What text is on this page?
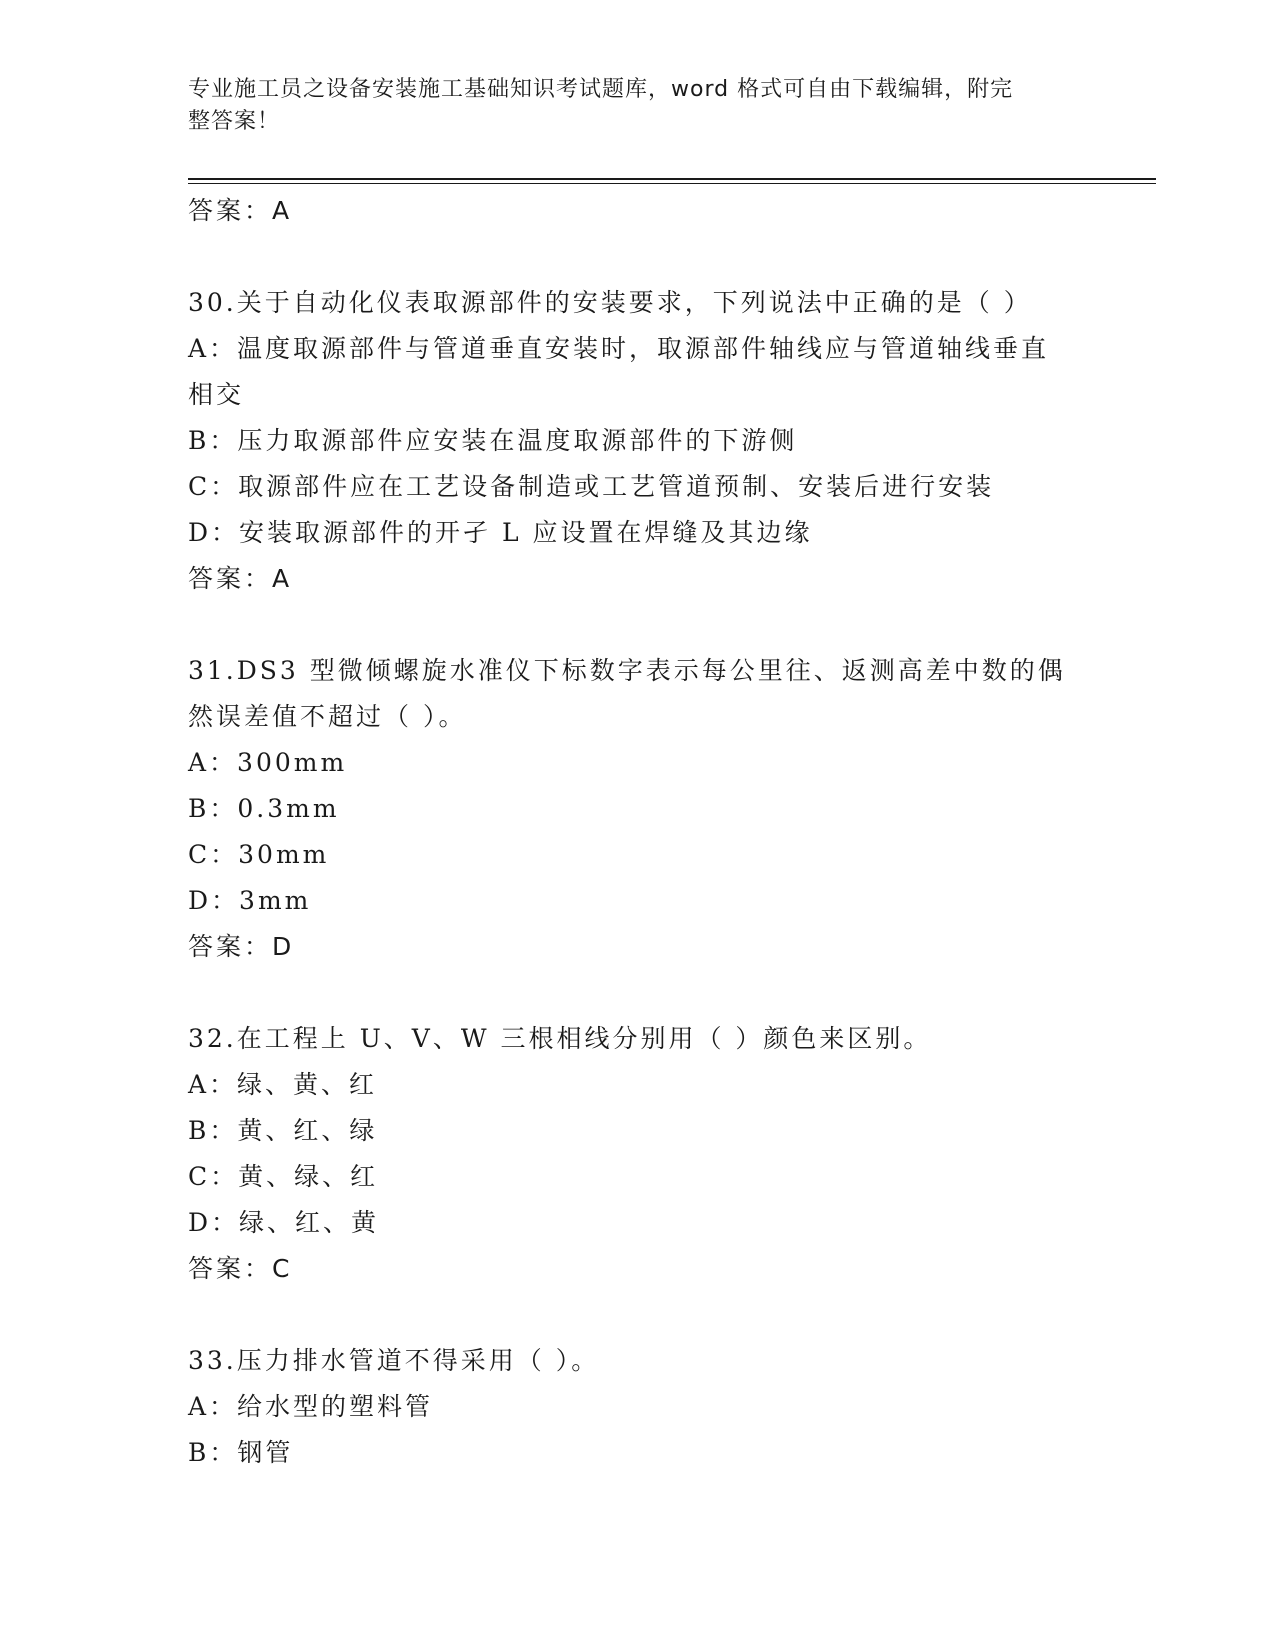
专业施工员之设备安装施工基础知识考试题库，word 格式可自由下载编辑，附完
整答案！
答案：A
30.关于自动化仪表取源部件的安装要求，下列说法中正确的是（ ）
A：温度取源部件与管道垂直安装时，取源部件轴线应与管道轴线垂直
相交
B：压力取源部件应安装在温度取源部件的下游侧
C：取源部件应在工艺设备制造或工艺管道预制、安装后进行安装
D：安装取源部件的开孑 L 应设置在焊缝及其边缘
答案：A
31.DS3 型微倾螺旋水准仪下标数字表示每公里往、返测高差中数的偶
然误差值不超过（ ）。
A：300mm
B：0.3mm
C：30mm
D：3mm
答案：D
32.在工程上 U、V、W 三根相线分别用（ ）颜色来区别。
A：绿、黄、红
B：黄、红、绿
C：黄、绿、红
D：绿、红、黄
答案：C
33.压力排水管道不得采用（ ）。
A：给水型的塑料管
B：钢管
